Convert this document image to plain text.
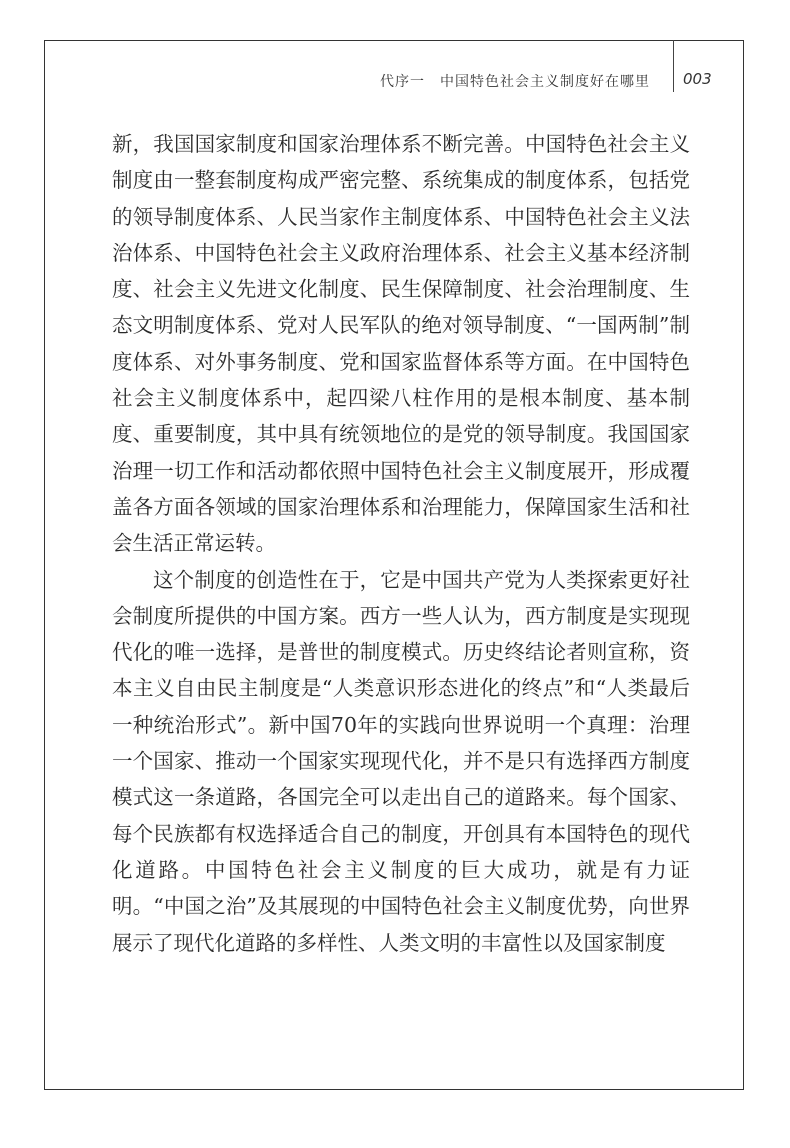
代序一　中国特色社会主义制度好在哪里 003

新，我国国家制度和国家治理体系不断完善。中国特色社会主义制度由一整套制度构成严密完整、系统集成的制度体系，包括党的领导制度体系、人民当家作主制度体系、中国特色社会主义法治体系、中国特色社会主义政府治理体系、社会主义基本经济制度、社会主义先进文化制度、民生保障制度、社会治理制度、生态文明制度体系、党对人民军队的绝对领导制度、“一国两制”制度体系、对外事务制度、党和国家监督体系等方面。在中国特色社会主义制度体系中，起四梁八柱作用的是根本制度、基本制度、重要制度，其中具有统领地位的是党的领导制度。我国国家治理一切工作和活动都依照中国特色社会主义制度展开，形成覆盖各方面各领域的国家治理体系和治理能力，保障国家生活和社会生活正常运转。

这个制度的创造性在于，它是中国共产党为人类探索更好社会制度所提供的中国方案。西方一些人认为，西方制度是实现现代化的唯一选择，是普世的制度模式。历史终结论者则宣称，资本主义自由民主制度是“人类意识形态进化的终点”和“人类最后一种统治形式”。新中国70年的实践向世界说明一个真理：治理一个国家、推动一个国家实现现代化，并不是只有选择西方制度模式这一条道路，各国完全可以走出自己的道路来。每个国家、每个民族都有权选择适合自己的制度，开创具有本国特色的现代化道路。中国特色社会主义制度的巨大成功，就是有力证明。“中国之治”及其展现的中国特色社会主义制度优势，向世界展示了现代化道路的多样性、人类文明的丰富性以及国家制度
